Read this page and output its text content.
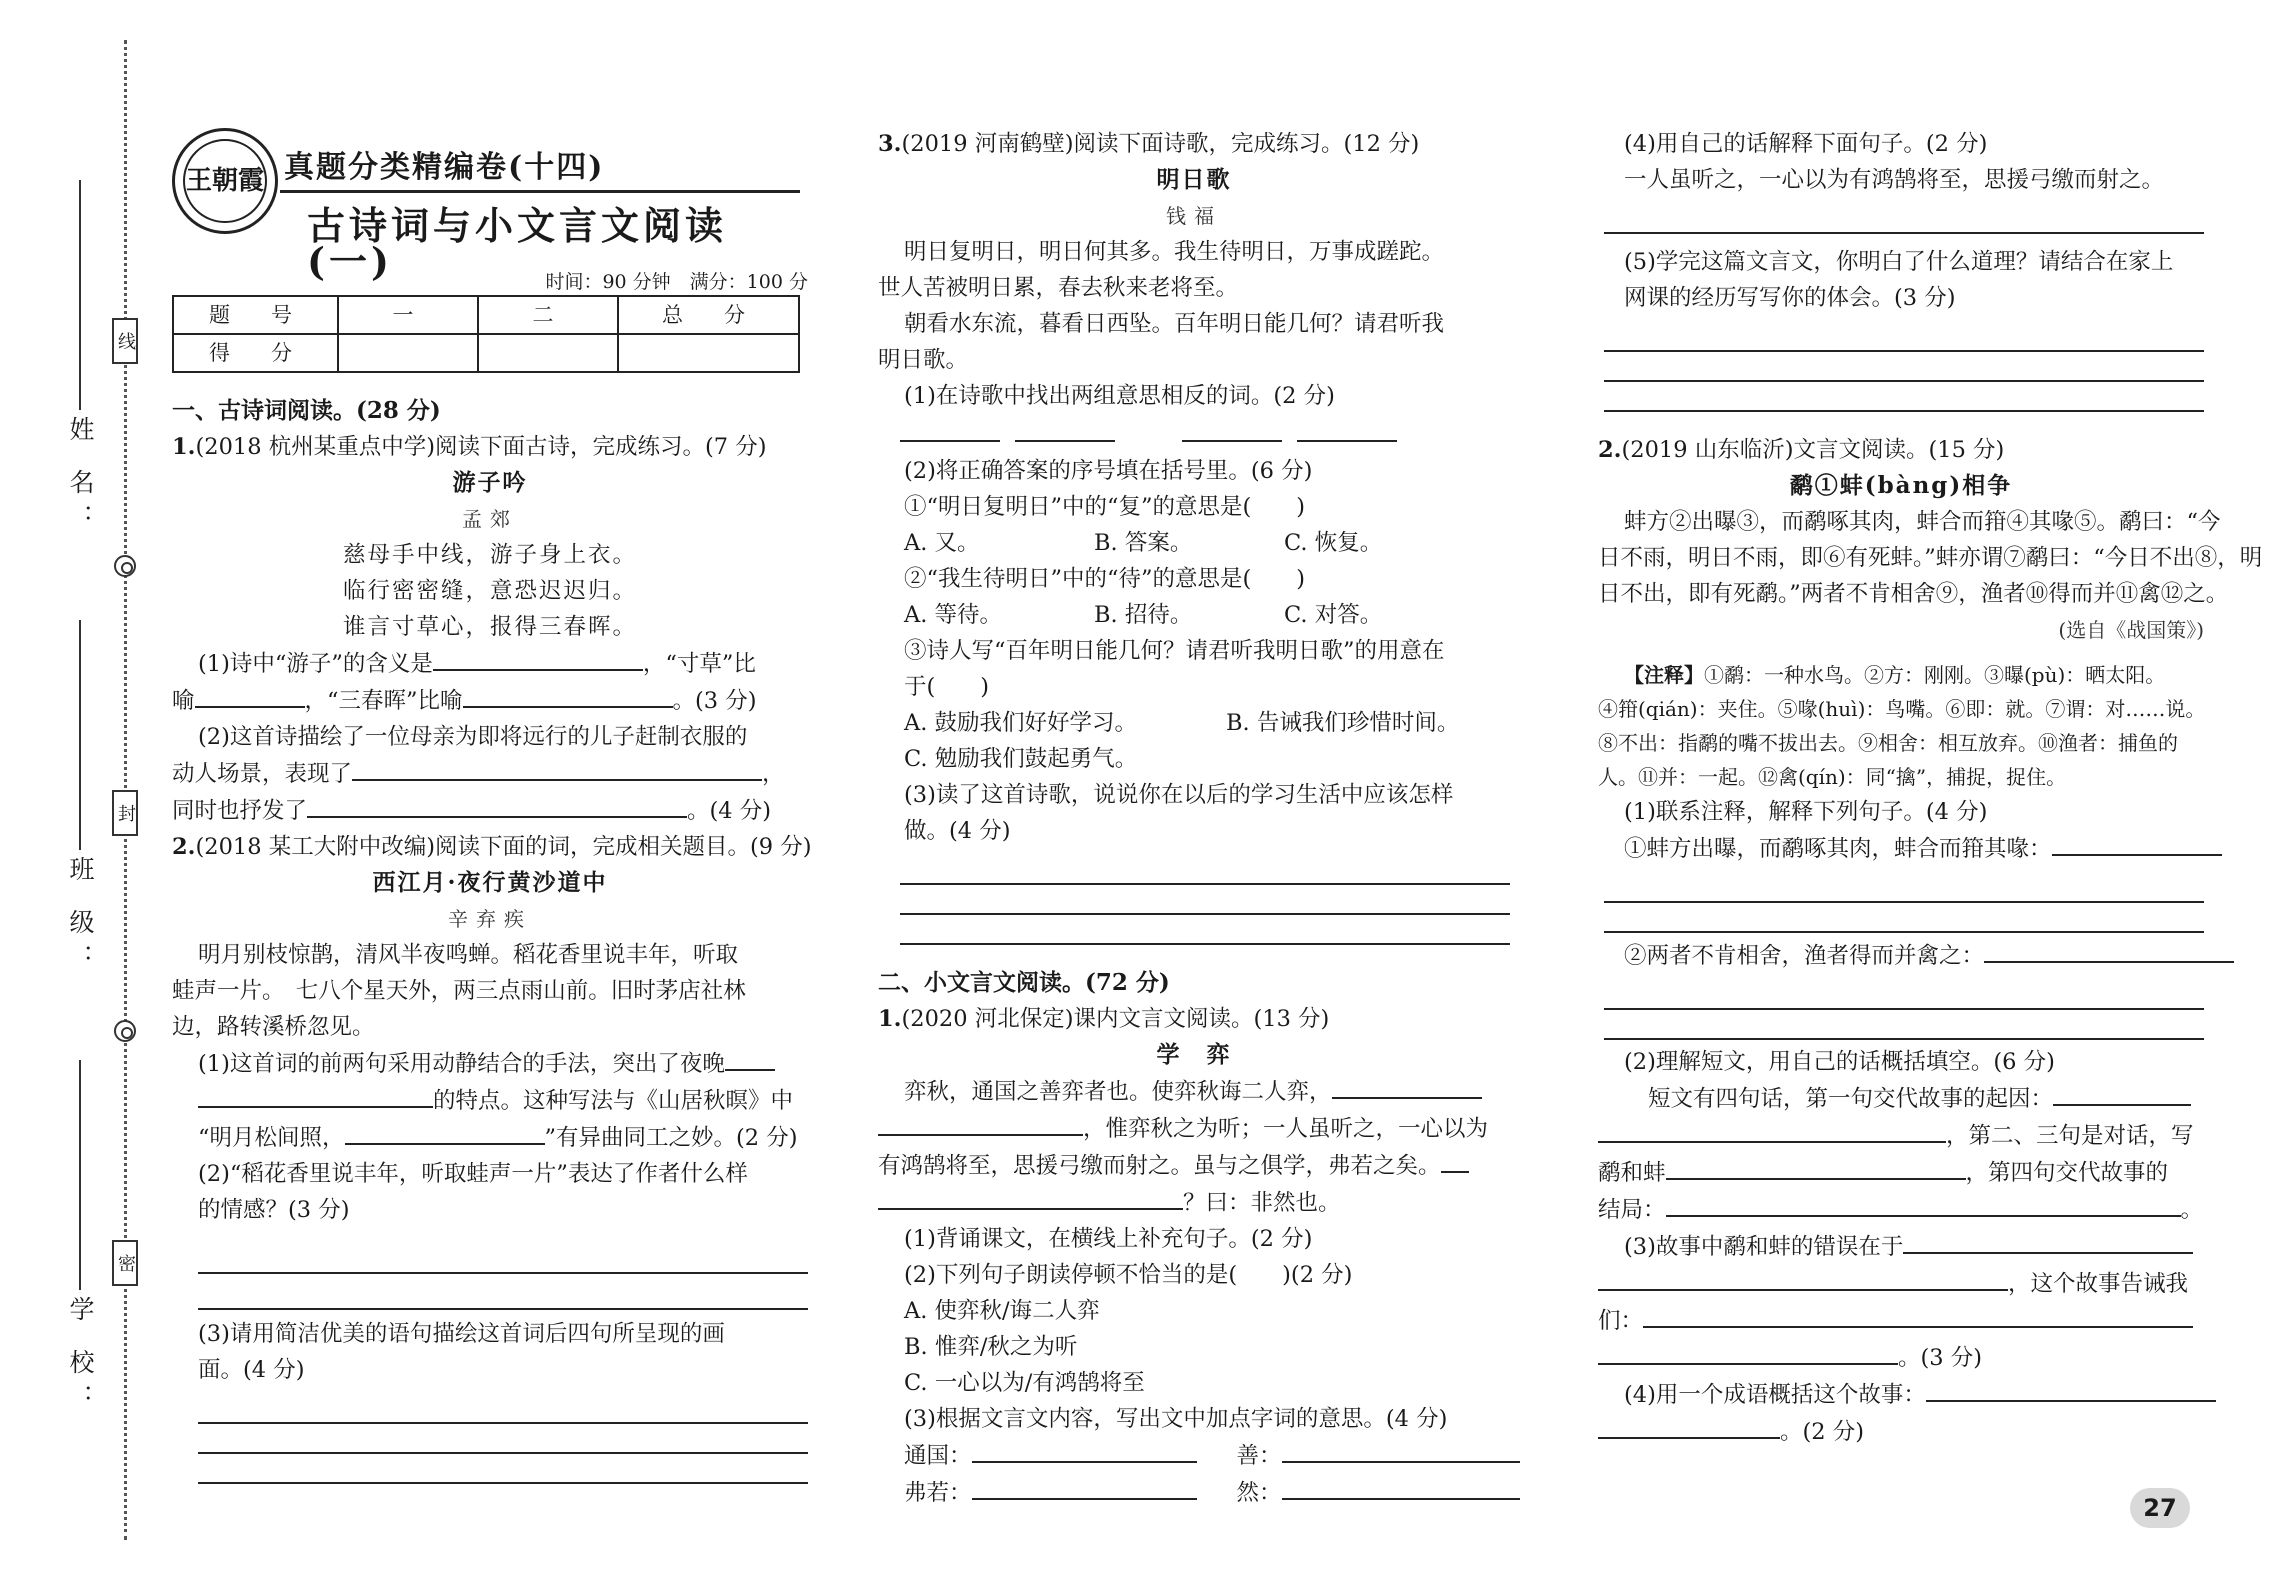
姓 名：
班 级：
学 校：
线
封
密
王朝霞 真题分类精编卷(十四)
古诗词与小文言文阅读(一)	时间：90 分钟　满分：100 分
题　号	一	二	总　分
得　分			
一、古诗词阅读。(28 分)
1.(2018 杭州某重点中学)阅读下面古诗，完成练习。(7 分)
游子吟
孟郊
慈母手中线，游子身上衣。
临行密密缝，意恐迟迟归。
谁言寸草心，报得三春晖。
(1)诗中“游子”的含义是	，“寸草”比
喻	，“三春晖”比喻	。(3 分)
(2)这首诗描绘了一位母亲为即将远行的儿子赶制衣服的
动人场景，表现了	，
同时也抒发了	。(4 分)
2.(2018 某工大附中改编)阅读下面的词，完成相关题目。(9 分)
西江月·夜行黄沙道中
辛弃疾
明月别枝惊鹊，清风半夜鸣蝉。稻花香里说丰年，听取
蛙声一片。　七八个星天外，两三点雨山前。旧时茅店社林
边，路转溪桥忽见。
(1)这首词的前两句采用动静结合的手法，突出了夜晚
的特点。这种写法与《山居秋暝》中
“明月松间照，	”有异曲同工之妙。(2 分)
(2)“稻花香里说丰年，听取蛙声一片”表达了作者什么样
的情感？(3 分)
(3)请用简洁优美的语句描绘这首词后四句所呈现的画
面。(4 分)
3.(2019 河南鹤壁)阅读下面诗歌，完成练习。(12 分)
明日歌
钱福
明日复明日，明日何其多。我生待明日，万事成蹉跎。
世人苦被明日累，春去秋来老将至。
朝看水东流，暮看日西坠。百年明日能几何？请君听我
明日歌。
(1)在诗歌中找出两组意思相反的词。(2 分)

(2)将正确答案的序号填在括号里。(6 分)
①“明日复明日”中的“复”的意思是(　　)
A. 又。	B. 答案。	C. 恢复。
②“我生待明日”中的“待”的意思是(　　)
A. 等待。	B. 招待。	C. 对答。
③诗人写“百年明日能几何？请君听我明日歌”的用意在
于(　　)
A. 鼓励我们好好学习。	B. 告诫我们珍惜时间。
C. 勉励我们鼓起勇气。
(3)读了这首诗歌，说说你在以后的学习生活中应该怎样
做。(4 分)
二、小文言文阅读。(72 分)
1.(2020 河北保定)课内文言文阅读。(13 分)
学　弈
弈秋，通国之善弈者也。使弈秋诲二人弈，
，惟弈秋之为听；一人虽听之，一心以为
有鸿鹄将至，思援弓缴而射之。虽与之俱学，弗若之矣。
？曰：非然也。
(1)背诵课文，在横线上补充句子。(2 分)
(2)下列句子朗读停顿不恰当的是(　　)(2 分)
A. 使弈秋/诲二人弈
B. 惟弈/秋之为听
C. 一心以为/有鸿鹄将至
(3)根据文言文内容，写出文中加点字词的意思。(4 分)
通国：	善：
弗若：	然：
(4)用自己的话解释下面句子。(2 分)
一人虽听之，一心以为有鸿鹄将至，思援弓缴而射之。
(5)学完这篇文言文，你明白了什么道理？请结合在家上
网课的经历写写你的体会。(3 分)
2.(2019 山东临沂)文言文阅读。(15 分)
鹬①蚌(bàng)相争
蚌方②出曝③，而鹬啄其肉，蚌合而箝④其喙⑤。鹬曰：“今
日不雨，明日不雨，即⑥有死蚌。”蚌亦谓⑦鹬曰：“今日不出⑧，明
日不出，即有死鹬。”两者不肯相舍⑨，渔者⑩得而并⑪禽⑫之。
(选自《战国策》)
【注释】①鹬：一种水鸟。②方：刚刚。③曝(pù)：晒太阳。
④箝(qián)：夹住。⑤喙(huì)：鸟嘴。⑥即：就。⑦谓：对……说。
⑧不出：指鹬的嘴不拔出去。⑨相舍：相互放弃。⑩渔者：捕鱼的
人。⑪并：一起。⑫禽(qín)：同“擒”，捕捉，捉住。
(1)联系注释，解释下列句子。(4 分)
①蚌方出曝，而鹬啄其肉，蚌合而箝其喙：
②两者不肯相舍，渔者得而并禽之：
(2)理解短文，用自己的话概括填空。(6 分)
短文有四句话，第一句交代故事的起因：
，第二、三句是对话，写
鹬和蚌	，第四句交代故事的
结局：	。
(3)故事中鹬和蚌的错误在于
，这个故事告诫我
们：
。(3 分)
(4)用一个成语概括这个故事：
。(2 分)
27
